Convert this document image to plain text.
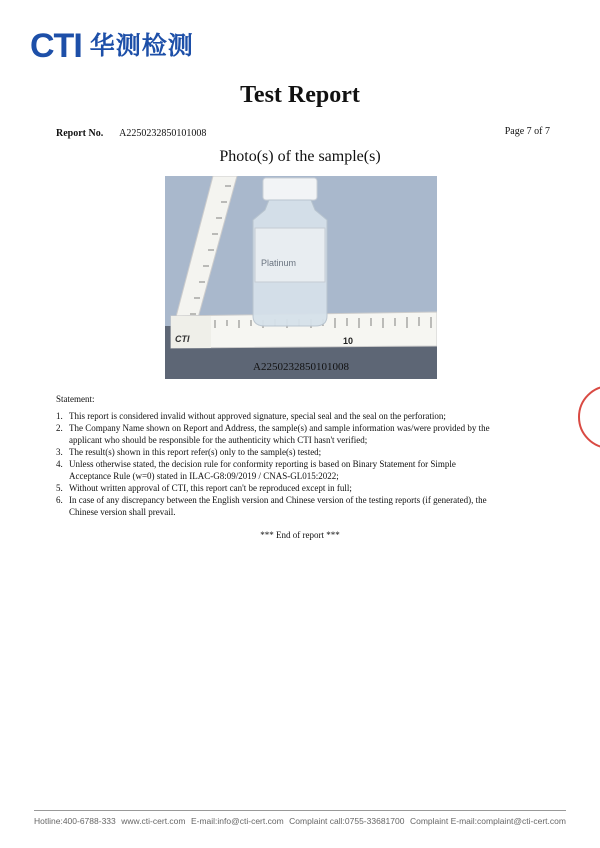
CTI 华测检测
Test Report
Report No. A2250232850101008	Page 7 of 7
Photo(s) of the sample(s)
10
CTI
Platinum
A2250232850101008
Statement:
1. This report is considered invalid without approved signature, special seal and the seal on the perforation;
2. The Company Name shown on Report and Address, the sample(s) and sample information was/were provided by the applicant who should be responsible for the authenticity which CTI hasn't verified;
3. The result(s) shown in this report refer(s) only to the sample(s) tested;
4. Unless otherwise stated, the decision rule for conformity reporting is based on Binary Statement for Simple Acceptance Rule (w=0) stated in ILAC-G8:09/2019 / CNAS-GL015:2022;
5. Without written approval of CTI, this report can't be reproduced except in full;
6. In case of any discrepancy between the English version and Chinese version of the testing reports (if generated), the Chinese version shall prevail.
*** End of report ***
Hotline:400-6788-333 www.cti-cert.com E-mail:info@cti-cert.com Complaint call:0755-33681700 Complaint E-mail:complaint@cti-cert.com
